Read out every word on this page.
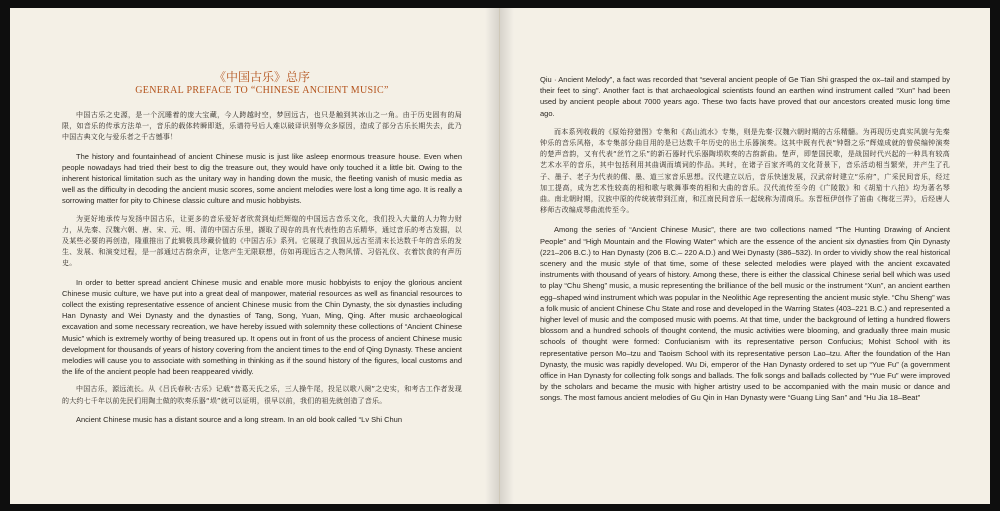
《中国古乐》总序
GENERAL PREFACE TO “CHINESE ANCIENT MUSIC”

中国古乐之史源，是一个沉睡着的庞大宝藏，今人跨越时空，梦回远古，也只是触到其冰山之一角。由于历史固有的局限，如音乐的传承方法单一，音乐的载体转瞬即逝，乐谱符号后人难以破译识别等众多原因，造成了部分古乐长期失去，此乃中国古典文化与爱乐者之千古憾事！

The history and fountainhead of ancient Chinese music is just like asleep enormous treasure house. Even when people nowadays had tried their best to dig the treasure out, they would have only touched it a little bit. Owing to the inherent historical limitation such as the unitary way in handing down the music, the fleeting vanish of music media as well as the difficulty in decoding the ancient music scores, some ancient melodies were lost a long time ago. It is really a sorrowing matter for pity to Chinese classic culture and music hobbyists.

为更好地承传与发扬中国古乐，让更多的音乐爱好者欣赏到灿烂辉煌的中国远古音乐文化，我们投入大量的人力物力财力，从先秦、汉魏六朝、唐、宋、元、明、清的中国古乐里，撷取了现存的具有代表性的古乐精华，通过音乐的考古发掘，以及某些必要的再创造，隆重推出了此辑极具珍藏价值的《中国古乐》系列。它展现了我国从远古至清末长达数千年的音乐的发生、发展、和演变过程，是一部通过古韵余声，让您产生无限联想，仿如再现远古之人物风情、习俗礼仪、衣着饮食的有声历史。

In order to better spread ancient Chinese music and enable more music hobbyists to enjoy the glorious ancient Chinese music culture, we have put into a great deal of manpower, material resources as well as financial resources to collect the existing representative essence of ancient Chinese music from the Chin Dynasty, the six dynasties including Han Dynasty and Wei Dynasty and the dynasties of Tang, Song, Yuan, Ming, Qing. After music archaeological excavation and some necessary recreation, we have hereby issued with solemnity these collections of “Ancient Chinese Music” which is extremely worthy of being treasured up. It opens out in front of us the process of ancient Chinese music development for thousands of years of history covering from the ancient times to the end of Qing Dynasty. These ancient melodies will cause you to associate with something in thinking as if the sound history of the figures, local customs and the life of the ancient people had been reappeared vividly.

中国古乐，源远流长。从《吕氏春秋·古乐》记载“昔葛天氏之乐，三人操牛尾，投足以歌八阕”之史实，和考古工作者发现的大约七千年以前先民们用陶土做的吹奏乐器“埙”就可以证明，很早以前，我们的祖先就创造了音乐。

Ancient Chinese music has a distant source and a long stream. In an old book called “Lv Shi Chun

Qiu · Ancient Melody”, a fact was recorded that “several ancient people of Ge Tian Shi grasped the ox–tail and stamped by their feet to sing”. Another fact is that archaeological scientists found an earthen wind instrument called “Xun” had been used by ancient people about 7000 years ago. These two facts have proved that our ancestors created music long time ago.

而本系列收载的《原始狩猎图》专集和《高山流水》专集，则是先秦·汉魏六朝时期的古乐精髓。为再现历史真实风貌与先秦钟乐的音乐风格，本专集部分曲目用的是已达数千年历史的出土乐器演奏。这其中既有代表“钟磬之乐”辉煌成就的曾侯编钟演奏的楚声音韵，又有代表“丝竹之乐”的新石器时代乐器陶埙吹奏的古韵新曲。楚声，即楚国民歌，是战国时代兴起的一种具有较高艺术水平的音乐，其中包括利用其曲调而填词的作品。其时，在诸子百家齐鸣的文化背景下，音乐活动相当繁荣，并产生了孔子、墨子、老子为代表的儒、墨、道三家音乐思想。汉代建立以后，音乐快速发展，汉武帝时建立“乐府”，广采民间音乐，经过加工提高，成为艺术性较高的相和歌与歌舞事奏的相和大曲的音乐。汉代流传至今的《广陵散》和《胡笳十八拍》均为著名琴曲。南北朝时期，汉族中原的传统被带到江南，和江南民间音乐一起统称为清商乐。东晋桓伊创作了笛曲《梅花三弄》，后经唐人移师古改编成琴曲流传至今。

Among the series of “Ancient Chinese Music”, there are two collections named “The Hunting Drawing of Ancient People” and “High Mountain and the Flowing Water” which are the essence of the ancient six dynasties from Qin Dynasty (221–206 B.C.) to Han Dynasty (206 B.C.– 220 A.D.) and Wei Dynasty (386–532). In order to vividly show the real historical scenery and the music style of that time, some of these selected melodies were played with the ancient excavated instruments with thousand of years of history. Among these, there is either the classical Chinese serial bell which was used to play “Chu Sheng” music, a music representing the brilliance of the bell music or the instrument “Xun”, an ancient earthen egg–shaped wind instrument which was popular in the Neolithic Age representing the ancient music style. “Chu Sheng” was a folk music of ancient Chinese Chu State and rose and developed in the Warring States (403–221 B.C.) and represented a higher level of music and the composed music with poems. At that time, under the background of letting a hundred flowers blossom and a hundred schools of thought contend, the music activities were blooming, and gradually three main music schools of thought were formed: Confucianism with its representative person Confucius; Mohist School with its representative person Mo–tzu and Taoism School with its representative person Lao–tzu. After the foundation of the Han Dynasty, the music was rapidly developed. Wu Di, emperor of the Han Dynasty ordered to set up “Yue Fu” (a government office in Han Dynasty for collecting folk songs and ballads. The folk songs and ballads collected by “Yue Fu” were improved by the scholars and became the music with higher artistry used to be accompanied with the main music or dance and songs. The most famous ancient melodies of Gu Qin in Han Dynasty were “Guang Ling San” and “Hu Jia 18–Beat”
